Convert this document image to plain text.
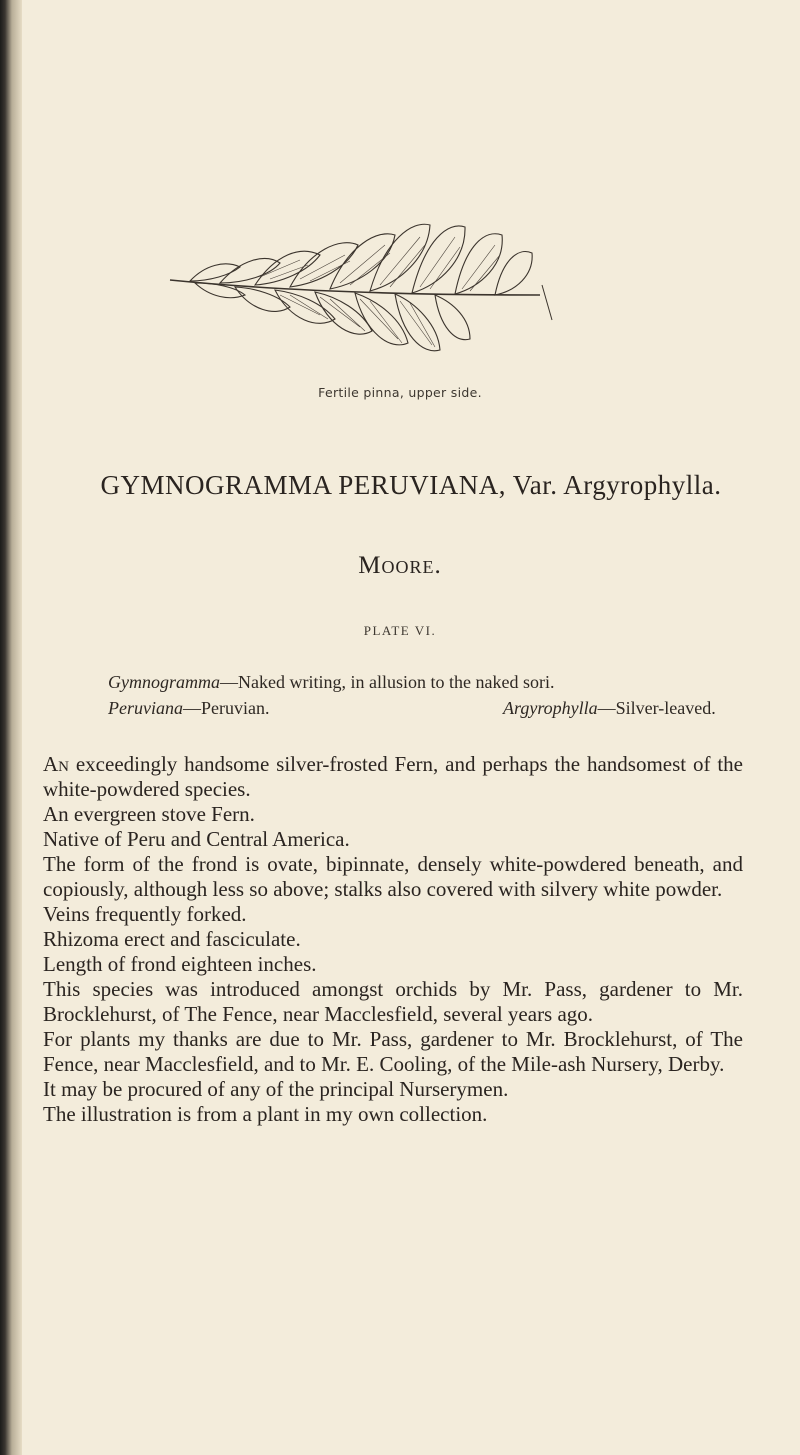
Fertile pinna, upper side.
GYMNOGRAMMA PERUVIANA, Var. Argyrophylla.
Moore.
PLATE VI.
Gymnogramma—Naked writing, in allusion to the naked sori.
Peruviana—Peruvian.	Argyrophylla—Silver-leaved.

An exceedingly handsome silver-frosted Fern, and perhaps the handsomest of the white-powdered species.

An evergreen stove Fern.

Native of Peru and Central America.

The form of the frond is ovate, bipinnate, densely white-powdered beneath, and copiously, although less so above; stalks also covered with silvery white powder.

Veins frequently forked.

Rhizoma erect and fasciculate.

Length of frond eighteen inches.

This species was introduced amongst orchids by Mr. Pass, gardener to Mr. Brocklehurst, of The Fence, near Macclesfield, several years ago.

For plants my thanks are due to Mr. Pass, gardener to Mr. Brocklehurst, of The Fence, near Macclesfield, and to Mr. E. Cooling, of the Mile-ash Nursery, Derby.

It may be procured of any of the principal Nurserymen.

The illustration is from a plant in my own collection.
